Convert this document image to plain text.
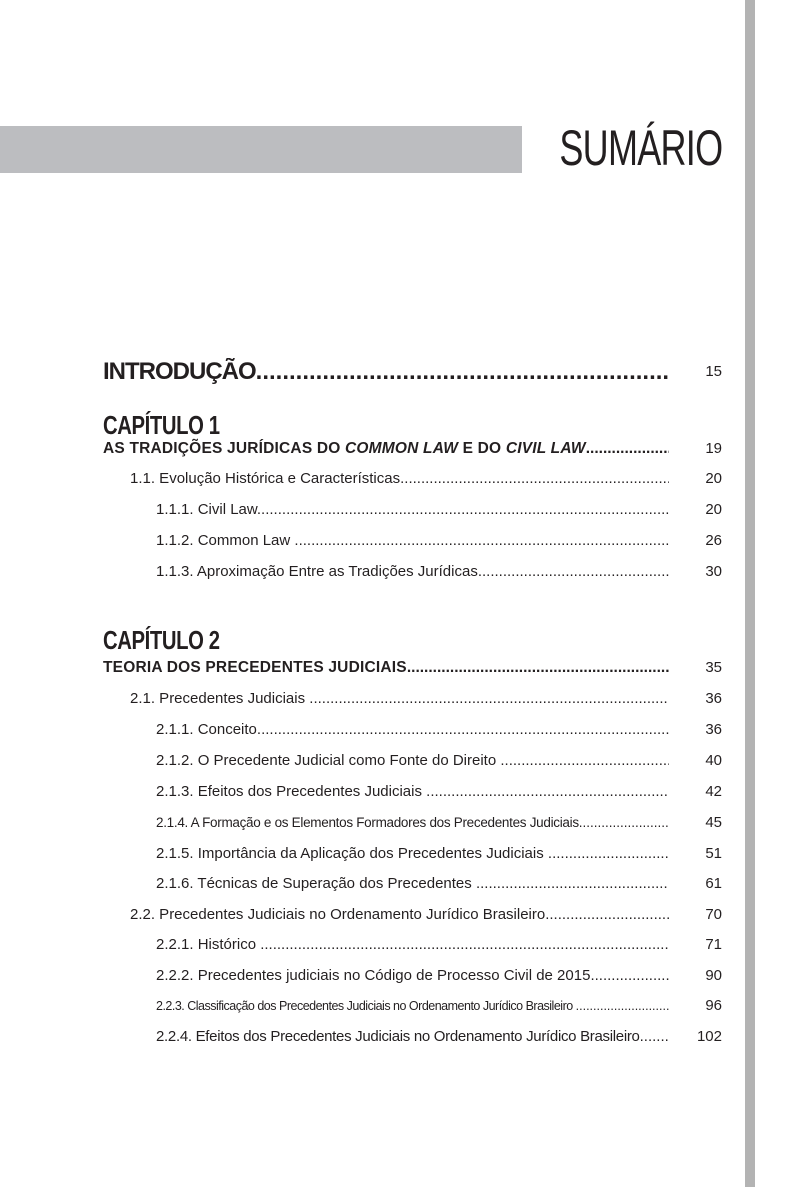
SUMÁRIO
INTRODUÇÃO .....	15
CAPÍTULO 1
AS TRADIÇÕES JURÍDICAS DO COMMON LAW E DO CIVIL LAW .....	19
1.1. Evolução Histórica e Características .....	20
1.1.1. Civil Law .....	20
1.1.2. Common Law .....	26
1.1.3. Aproximação Entre as Tradições Jurídicas .....	30
CAPÍTULO 2
TEORIA DOS PRECEDENTES JUDICIAIS .....	35
2.1. Precedentes Judiciais .....	36
2.1.1. Conceito .....	36
2.1.2. O Precedente Judicial como Fonte do Direito .....	40
2.1.3. Efeitos dos Precedentes Judiciais .....	42
2.1.4. A Formação e os Elementos Formadores dos Precedentes Judiciais .....	45
2.1.5. Importância da Aplicação dos Precedentes Judiciais .....	51
2.1.6. Técnicas de Superação dos Precedentes .....	61
2.2. Precedentes Judiciais no Ordenamento Jurídico Brasileiro .....	70
2.2.1. Histórico .....	71
2.2.2. Precedentes judiciais no Código de Processo Civil de 2015 .....	90
2.2.3. Classificação dos Precedentes Judiciais no Ordenamento Jurídico Brasileiro .....	96
2.2.4. Efeitos dos Precedentes Judiciais no Ordenamento Jurídico Brasileiro .....	102
